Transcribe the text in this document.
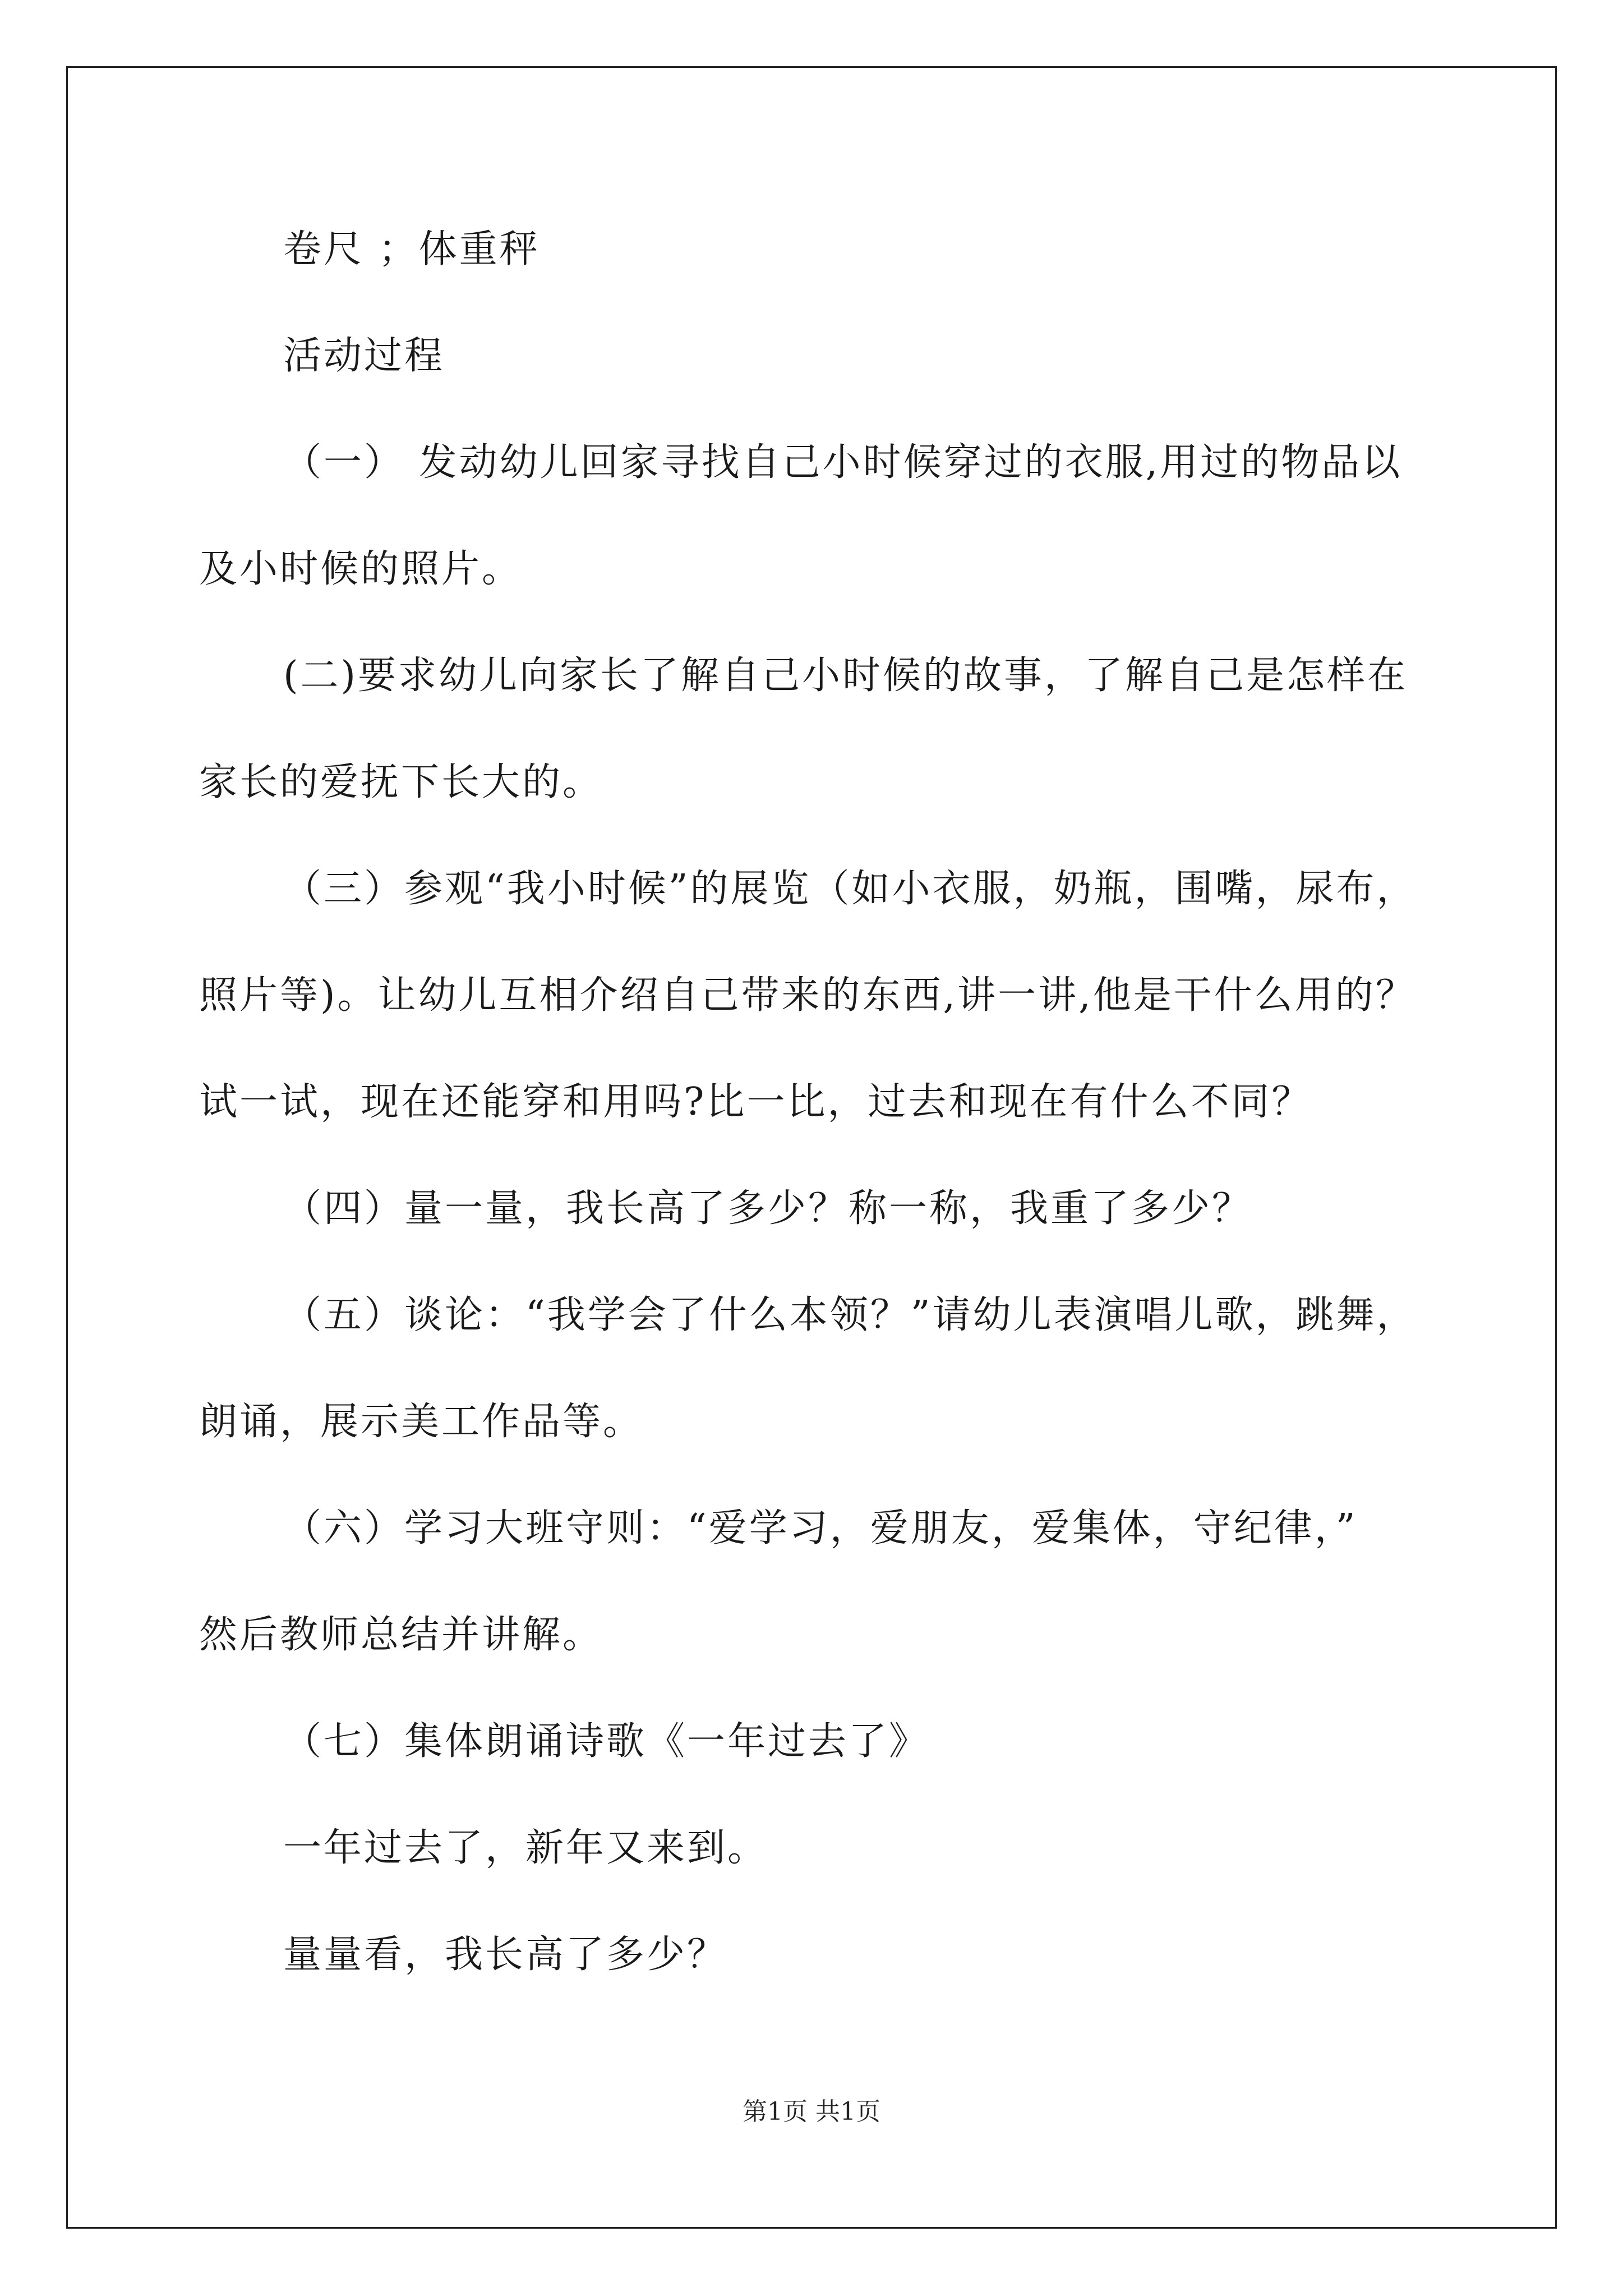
卷尺 ；体重秤

活动过程

（一） 发动幼儿回家寻找自己小时候穿过的衣服,用过的物品以

及小时候的照片。

(二)要求幼儿向家长了解自己小时候的故事，了解自己是怎样在

家长的爱抚下长大的。

（三）参观“我小时候”的展览（如小衣服，奶瓶，围嘴，尿布，

照片等)。让幼儿互相介绍自己带来的东西,讲一讲,他是干什么用的？

试一试，现在还能穿和用吗?比一比，过去和现在有什么不同？

（四）量一量，我长高了多少？称一称，我重了多少？

（五）谈论：“我学会了什么本领？”请幼儿表演唱儿歌，跳舞，

朗诵，展示美工作品等。

（六）学习大班守则：“爱学习，爱朋友，爱集体，守纪律，”

然后教师总结并讲解。

（七）集体朗诵诗歌《一年过去了》

一年过去了，新年又来到。

量量看，我长高了多少？

第1页 共1页
